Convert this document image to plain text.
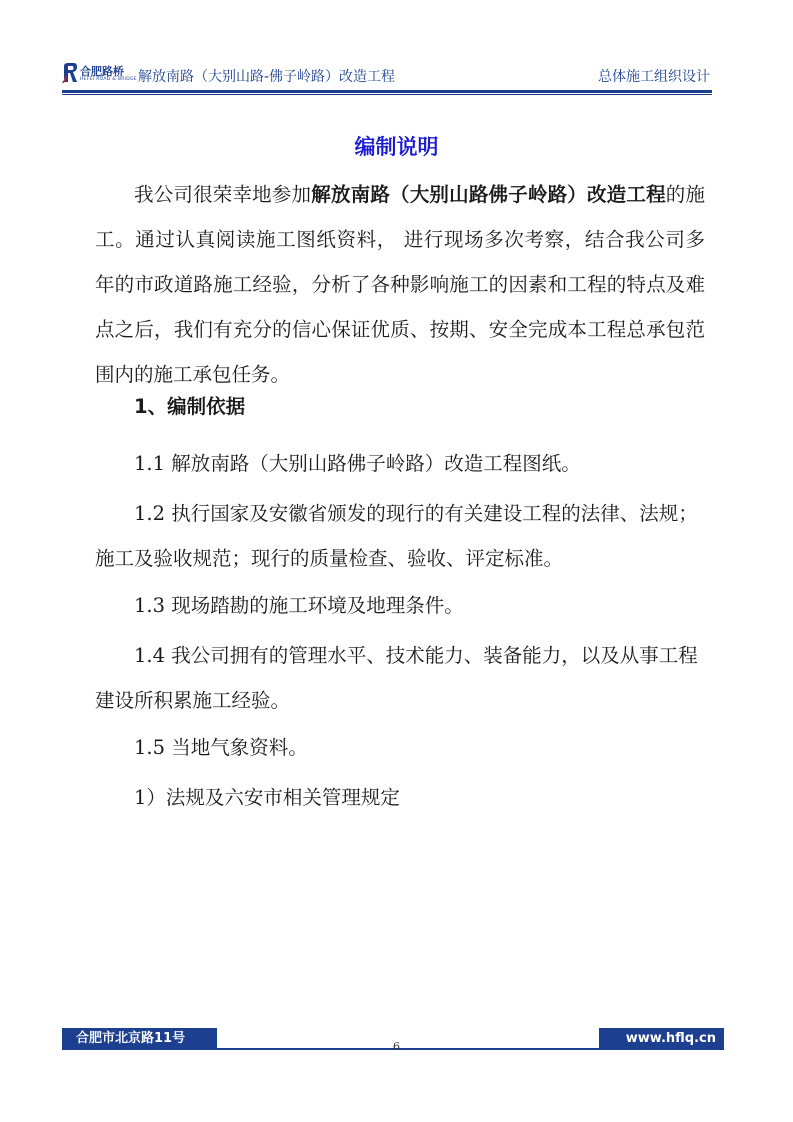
合肥路桥
HEFEI ROAD & BRIDGE 解放南路（大别山路-佛子岭路）改造工程	总体施工组织设计
编制说明

我公司很荣幸地参加解放南路（大别山路佛子岭路）改造工程的施工。通过认真阅读施工图纸资料， 进行现场多次考察，结合我公司多年的市政道路施工经验，分析了各种影响施工的因素和工程的特点及难点之后，我们有充分的信心保证优质、按期、安全完成本工程总承包范围内的施工承包任务。

1、编制依据

1.1 解放南路（大别山路佛子岭路）改造工程图纸。

1.2 执行国家及安徽省颁发的现行的有关建设工程的法律、法规；施工及验收规范；现行的质量检查、验收、评定标准。

1.3 现场踏勘的施工环境及地理条件。

1.4 我公司拥有的管理水平、技术能力、装备能力，以及从事工程建设所积累施工经验。

1.5 当地气象资料。

1）法规及六安市相关管理规定

合肥市北京路11号	www.hflq.cn
6
